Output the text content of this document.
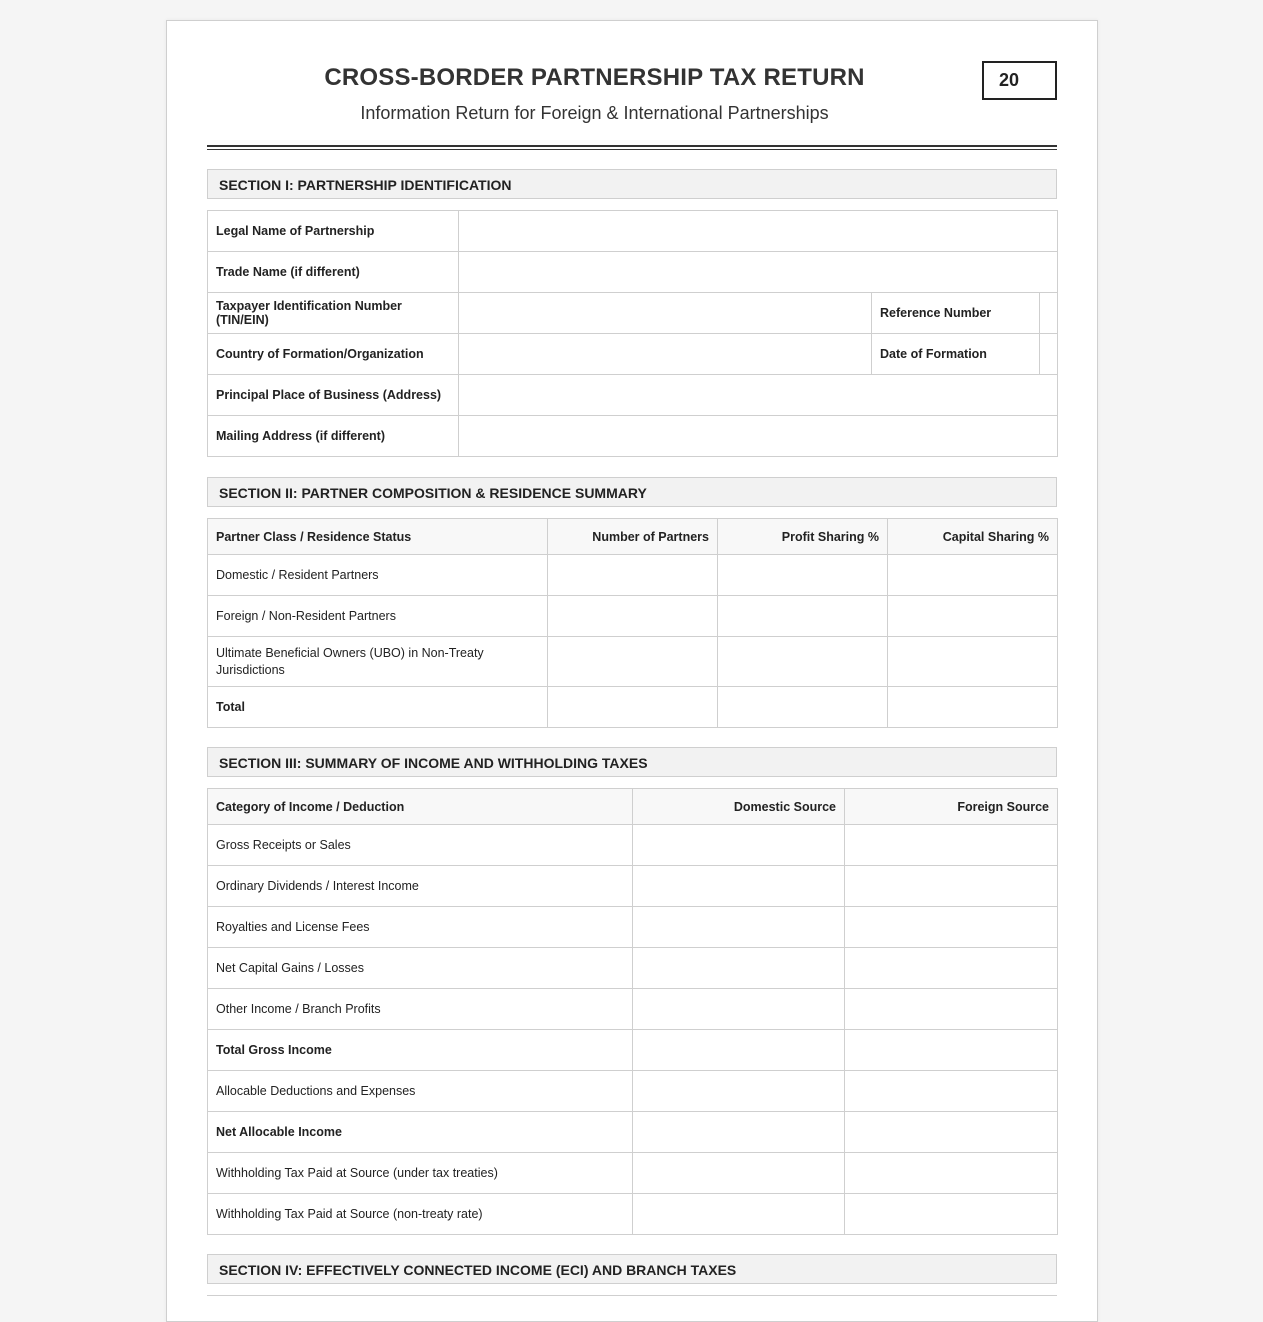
CROSS-BORDER PARTNERSHIP TAX RETURN
Information Return for Foreign & International Partnerships
20
SECTION I: PARTNERSHIP IDENTIFICATION
Legal Name of Partnership			
Trade Name (if different)			
Taxpayer Identification Number (TIN/EIN)		Reference Number	
Country of Formation/Organization		Date of Formation	
Principal Place of Business (Address)			
Mailing Address (if different)			
SECTION II: PARTNER COMPOSITION & RESIDENCE SUMMARY
Partner Class / Residence Status	Number of Partners	Profit Sharing %	Capital Sharing %
Domestic / Resident Partners			
Foreign / Non-Resident Partners			
Ultimate Beneficial Owners (UBO) in Non-Treaty Jurisdictions			
Total			
SECTION III: SUMMARY OF INCOME AND WITHHOLDING TAXES
Category of Income / Deduction	Domestic Source	Foreign Source
Gross Receipts or Sales		
Ordinary Dividends / Interest Income		
Royalties and License Fees		
Net Capital Gains / Losses		
Other Income / Branch Profits		
Total Gross Income		
Allocable Deductions and Expenses		
Net Allocable Income		
Withholding Tax Paid at Source (under tax treaties)		
Withholding Tax Paid at Source (non-treaty rate)		
SECTION IV: EFFECTIVELY CONNECTED INCOME (ECI) AND BRANCH TAXES
